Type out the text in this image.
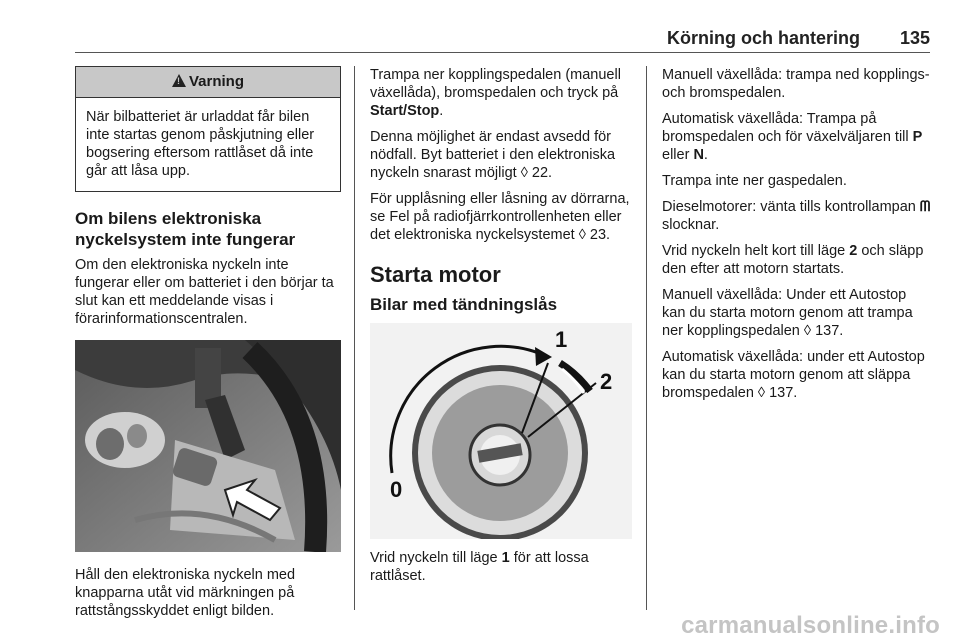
Körning och hantering	135
!Varning
När bilbatteriet är urladdat får bilen inte startas genom påskjutning eller bogsering eftersom rattlåset då inte går att låsa upp.
Om bilens elektroniska nyckelsystem inte fungerar

Om den elektroniska nyckeln inte fungerar eller om batteriet i den börjar ta slut kan ett meddelande visas i förarinformationscentralen.

Håll den elektroniska nyckeln med knapparna utåt vid märkningen på rattstångsskyddet enligt bilden.

Trampa ner kopplingspedalen (manuell växellåda), bromspedalen och tryck på Start/Stop.

Denna möjlighet är endast avsedd för nödfall. Byt batteriet i den elektroniska nyckeln snarast möjligt ◊ 22.

För upplåsning eller låsning av dörrarna, se Fel på radiofjärrkontrollenheten eller det elektroniska nyckelsystemet ◊ 23.

Starta motor
Bilar med tändningslås
1
2
0

Vrid nyckeln till läge 1 för att lossa rattlåset.

Manuell växellåda: trampa ned kopplings- och bromspedalen.

Automatisk växellåda: Trampa på bromspedalen och för växelväljaren till P eller N.

Trampa inte ner gaspedalen.

Dieselmotorer: vänta tills kontrollampan ᗰ slocknar.

Vrid nyckeln helt kort till läge 2 och släpp den efter att motorn startats.

Manuell växellåda: Under ett Autostop kan du starta motorn genom att trampa ner kopplingspedalen ◊ 137.

Automatisk växellåda: under ett Autostop kan du starta motorn genom att släppa bromspedalen ◊ 137.

carmanualsonline.info
